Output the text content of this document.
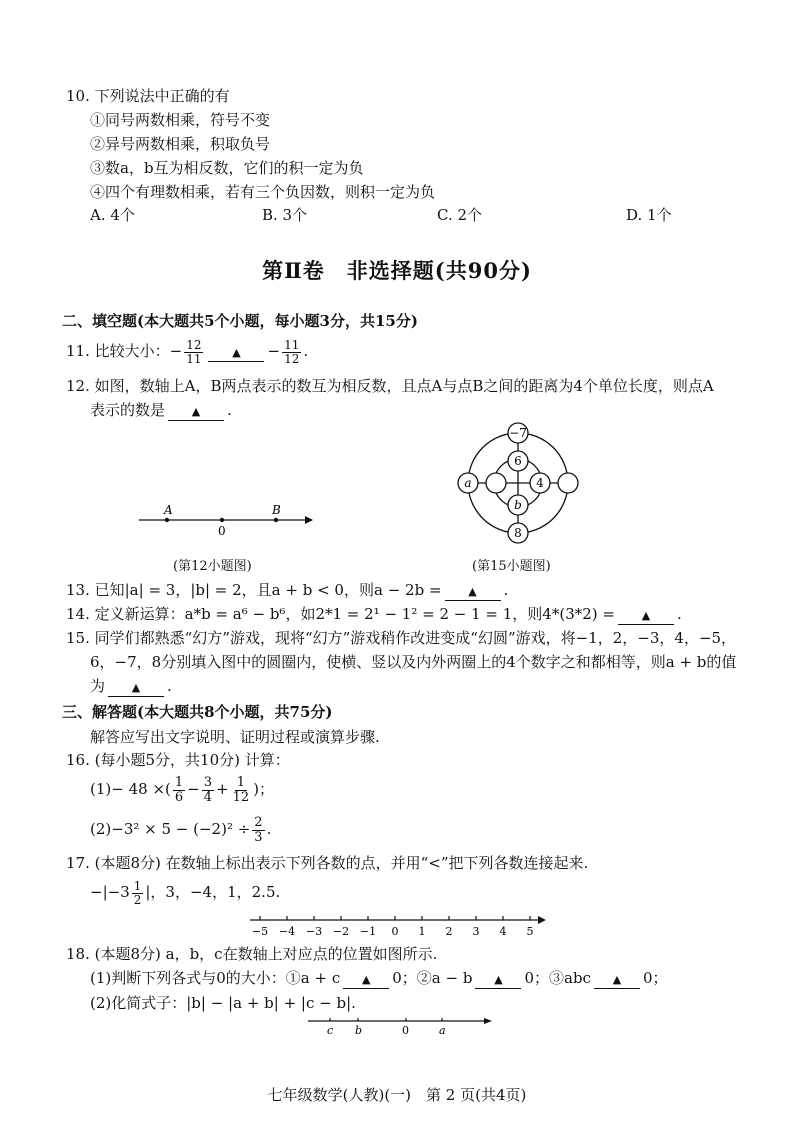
10. 下列说法中正确的有
①同号两数相乘，符号不变
②异号两数相乘，积取负号
③数a，b互为相反数，它们的积一定为负
④四个有理数相乘，若有三个负因数，则积一定为负
A. 4个	B. 3个	C. 2个	D. 1个
第Ⅱ卷　非选择题(共90分)
二、填空题(本大题共5个小题，每小题3分，共15分)
11. 比较大小：− $\frac{12}{11}$	▲ − $\frac{11}{12}$ .
12. 如图，数轴上A，B两点表示的数互为相反数，且点A与点B之间的距离为4个单位长度，则点A
表示的数是 ▲ .
A
0
B
(第12小题图)
−7
6
a	4
b
8
(第15小题图)
13. 已知|a| = 3，|b| = 2，且a + b < 0，则a − 2b = ▲ .
14. 定义新运算：a*b = a⁶ − b⁶，如2*1 = 2¹ − 1² = 2 − 1 = 1，则4*(3*2) = ▲ .
15. 同学们都熟悉“幻方”游戏，现将“幻方”游戏稍作改进变成“幻圆”游戏，将−1，2，−3，4，−5，
6，−7，8分别填入图中的圆圈内，使横、竖以及内外两圈上的4个数字之和都相等，则a + b的值
为 ▲ .
三、解答题(本大题共8个小题，共75分)
解答应写出文字说明、证明过程或演算步骤.
16. (每小题5分，共10分) 计算：
(1)− 48 ×( $\frac{1}{6} - \frac{3}{4} + \frac{1}{12}$ )；
$(2)-3^2 \times 5 - (-2)^2 \div \frac{2}{3}$ .
17. (本题8分) 在数轴上标出表示下列各数的点，并用“<”把下列各数连接起来.
$-|-3 \frac{1}{2}$ |，3，−4，1，2.5.
−5 −4 −3 −2 −1 0 1 2 3 4 5
18. (本题8分) a，b，c在数轴上对应点的位置如图所示.
(1)判断下列各式与0的大小：①a + c ▲ 0；②a − b ▲ 0；③abc ▲ 0；
(2)化简式子：|b| − |a + b| + |c − b|.
c b	0	a
七年级数学(人教)(一)　第 2 页(共4页)
